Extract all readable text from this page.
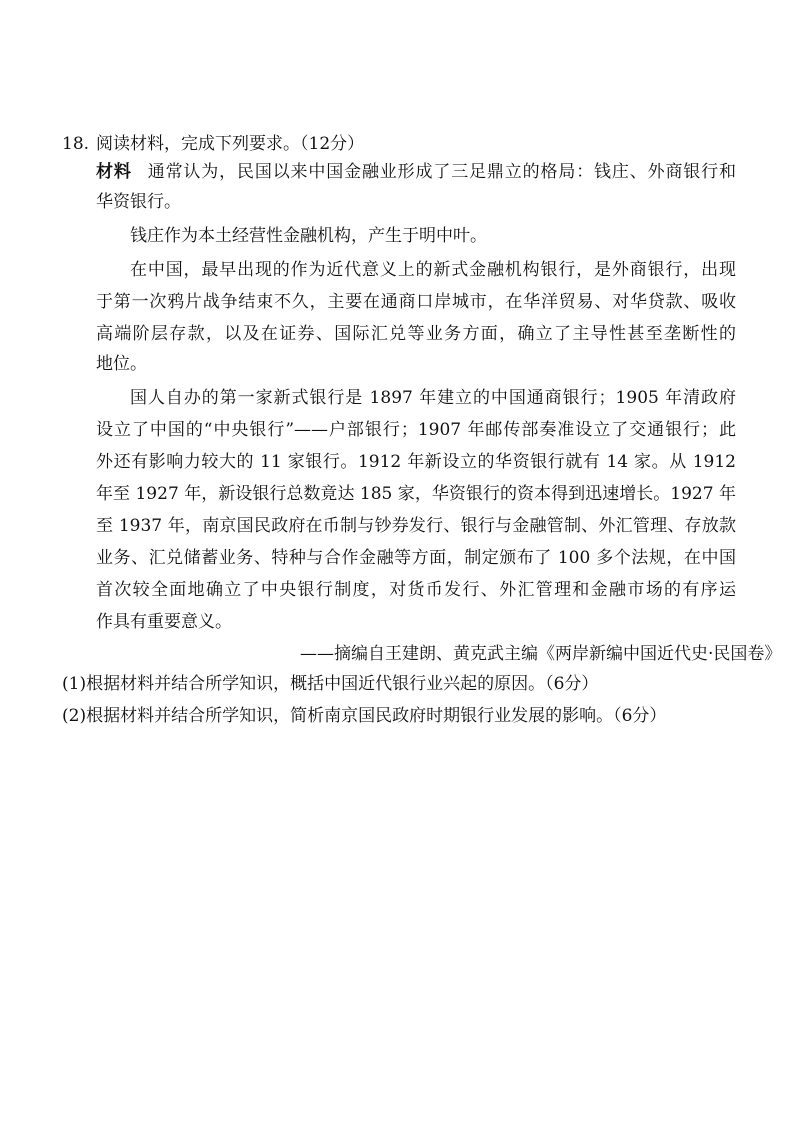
18. 阅读材料，完成下列要求。（12分）
材料 通常认为，民国以来中国金融业形成了三足鼎立的格局：钱庄、外商银行和
华资银行。
钱庄作为本土经营性金融机构，产生于明中叶。
在中国，最早出现的作为近代意义上的新式金融机构银行，是外商银行，出现
于第一次鸦片战争结束不久，主要在通商口岸城市，在华洋贸易、对华贷款、吸收
高端阶层存款，以及在证券、国际汇兑等业务方面，确立了主导性甚至垄断性的
地位。
国人自办的第一家新式银行是 1897 年建立的中国通商银行；1905 年清政府
设立了中国的“中央银行”——户部银行；1907 年邮传部奏准设立了交通银行；此
外还有影响力较大的 11 家银行。1912 年新设立的华资银行就有 14 家。从 1912
年至 1927 年，新设银行总数竟达 185 家，华资银行的资本得到迅速增长。1927 年
至 1937 年，南京国民政府在币制与钞券发行、银行与金融管制、外汇管理、存放款
业务、汇兑储蓄业务、特种与合作金融等方面，制定颁布了 100 多个法规，在中国
首次较全面地确立了中央银行制度，对货币发行、外汇管理和金融市场的有序运
作具有重要意义。
——摘编自王建朗、黄克武主编《两岸新编中国近代史·民国卷》
(1)根据材料并结合所学知识，概括中国近代银行业兴起的原因。（6分）
(2)根据材料并结合所学知识，简析南京国民政府时期银行业发展的影响。（6分）
